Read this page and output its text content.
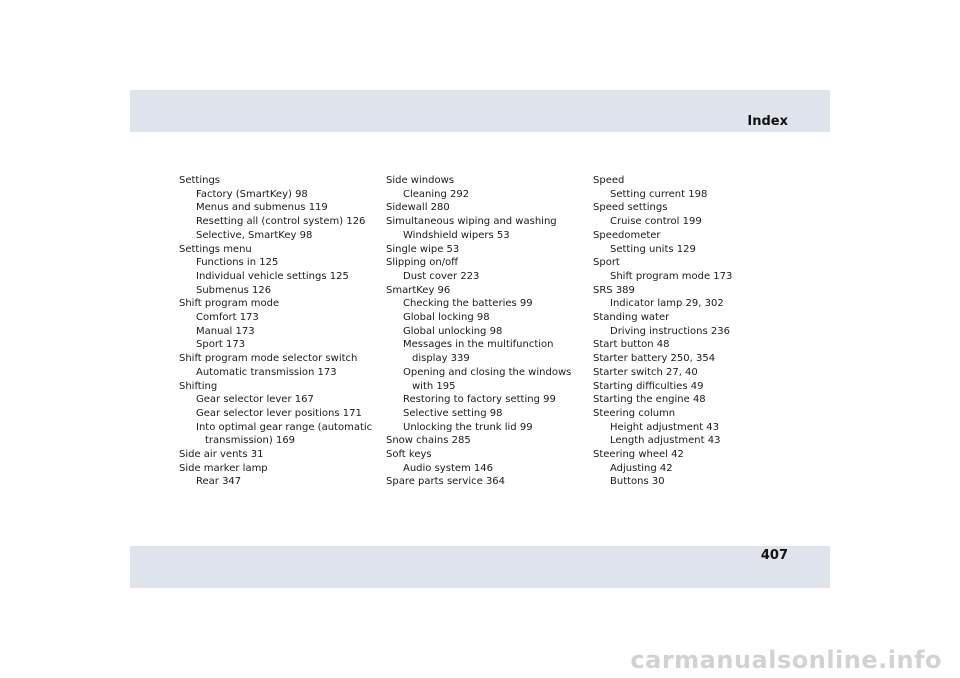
Index
Settings
Factory (SmartKey) 98
Menus and submenus 119
Resetting all (control system) 126
Selective, SmartKey 98
Settings menu
Functions in 125
Individual vehicle settings 125
Submenus 126
Shift program mode
Comfort 173
Manual 173
Sport 173
Shift program mode selector switch
Automatic transmission 173
Shifting
Gear selector lever 167
Gear selector lever positions 171
Into optimal gear range (automatic
transmission) 169
Side air vents 31
Side marker lamp
Rear 347
Side windows
Cleaning 292
Sidewall 280
Simultaneous wiping and washing
Windshield wipers 53
Single wipe 53
Slipping on/off
Dust cover 223
SmartKey 96
Checking the batteries 99
Global locking 98
Global unlocking 98
Messages in the multifunction
display 339
Opening and closing the windows
with 195
Restoring to factory setting 99
Selective setting 98
Unlocking the trunk lid 99
Snow chains 285
Soft keys
Audio system 146
Spare parts service 364
Speed
Setting current 198
Speed settings
Cruise control 199
Speedometer
Setting units 129
Sport
Shift program mode 173
SRS 389
Indicator lamp 29, 302
Standing water
Driving instructions 236
Start button 48
Starter battery 250, 354
Starter switch 27, 40
Starting difficulties 49
Starting the engine 48
Steering column
Height adjustment 43
Length adjustment 43
Steering wheel 42
Adjusting 42
Buttons 30
407
carmanualsonline.info
